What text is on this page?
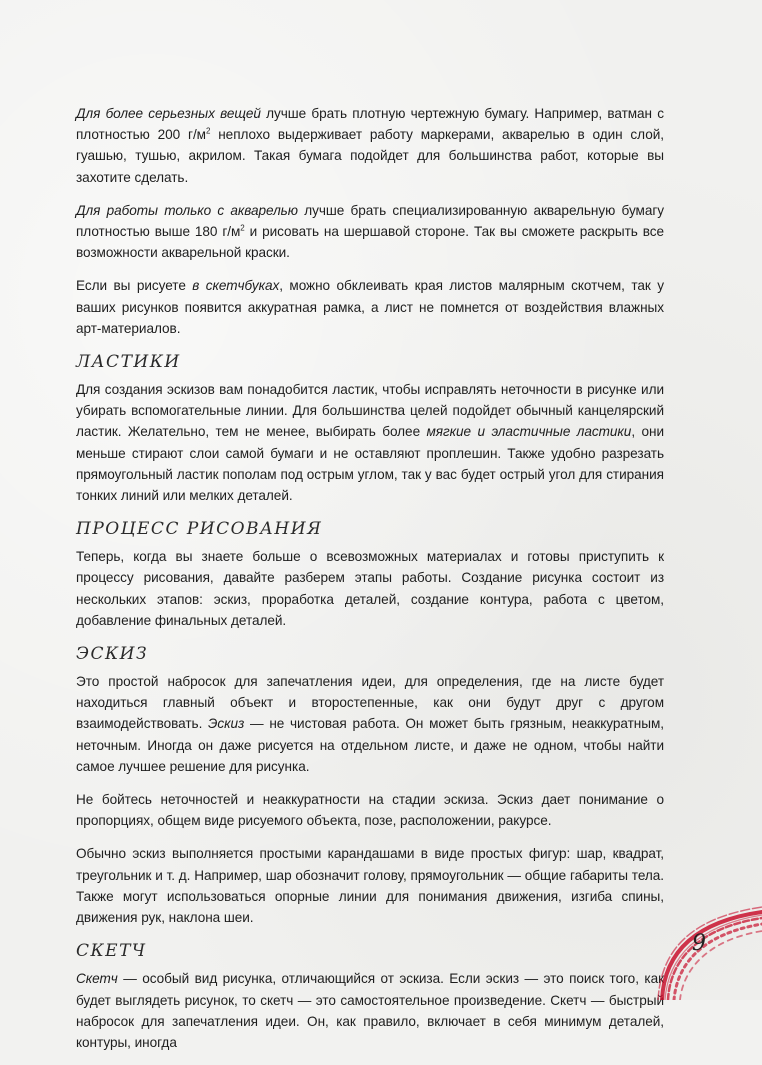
Для более серьезных вещей лучше брать плотную чертежную бумагу. Например, ватман с плотностью 200 $г/м^2$ неплохо выдерживает работу маркерами, акварелью в один слой, гуашью, тушью, акрилом. Такая бумага подойдет для большинства работ, которые вы захотите сделать.

Для работы только с акварелью лучше брать специализированную акварельную бумагу плотностью выше 180 $г/м^2$ и рисовать на шершавой стороне. Так вы сможете раскрыть все возможности акварельной краски.

Если вы рисуете в скетчбуках, можно обклеивать края листов малярным скотчем, так у ваших рисунков появится аккуратная рамка, а лист не помнется от воздействия влажных арт-материалов.

ЛАСТИКИ

Для создания эскизов вам понадобится ластик, чтобы исправлять неточности в рисунке или убирать вспомогательные линии. Для большинства целей подойдет обычный канцелярский ластик. Желательно, тем не менее, выбирать более мягкие и эластичные ластики, они меньше стирают слои самой бумаги и не оставляют проплешин. Также удобно разрезать прямоугольный ластик пополам под острым углом, так у вас будет острый угол для стирания тонких линий или мелких деталей.

ПРОЦЕСС РИСОВАНИЯ

Теперь, когда вы знаете больше о всевозможных материалах и готовы приступить к процессу рисования, давайте разберем этапы работы. Создание рисунка состоит из нескольких этапов: эскиз, проработка деталей, создание контура, работа с цветом, добавление финальных деталей.

ЭСКИЗ

Это простой набросок для запечатления идеи, для определения, где на листе будет находиться главный объект и второстепенные, как они будут друг с другом взаимодействовать. Эскиз — не чистовая работа. Он может быть грязным, неаккуратным, неточным. Иногда он даже рисуется на отдельном листе, и даже не одном, чтобы найти самое лучшее решение для рисунка.

Не бойтесь неточностей и неаккуратности на стадии эскиза. Эскиз дает понимание о пропорциях, общем виде рисуемого объекта, позе, расположении, ракурсе.

Обычно эскиз выполняется простыми карандашами в виде простых фигур: шар, квадрат, треугольник и т. д. Например, шар обозначит голову, прямоугольник — общие габариты тела. Также могут использоваться опорные линии для понимания движения, изгиба спины, движения рук, наклона шеи.

СКЕТЧ

Скетч — особый вид рисунка, отличающийся от эскиза. Если эскиз — это поиск того, как будет выглядеть рисунок, то скетч — это самостоятельное произведение. Скетч — быстрый набросок для запечатления идеи. Он, как правило, включает в себя минимум деталей, контуры, иногда

9
